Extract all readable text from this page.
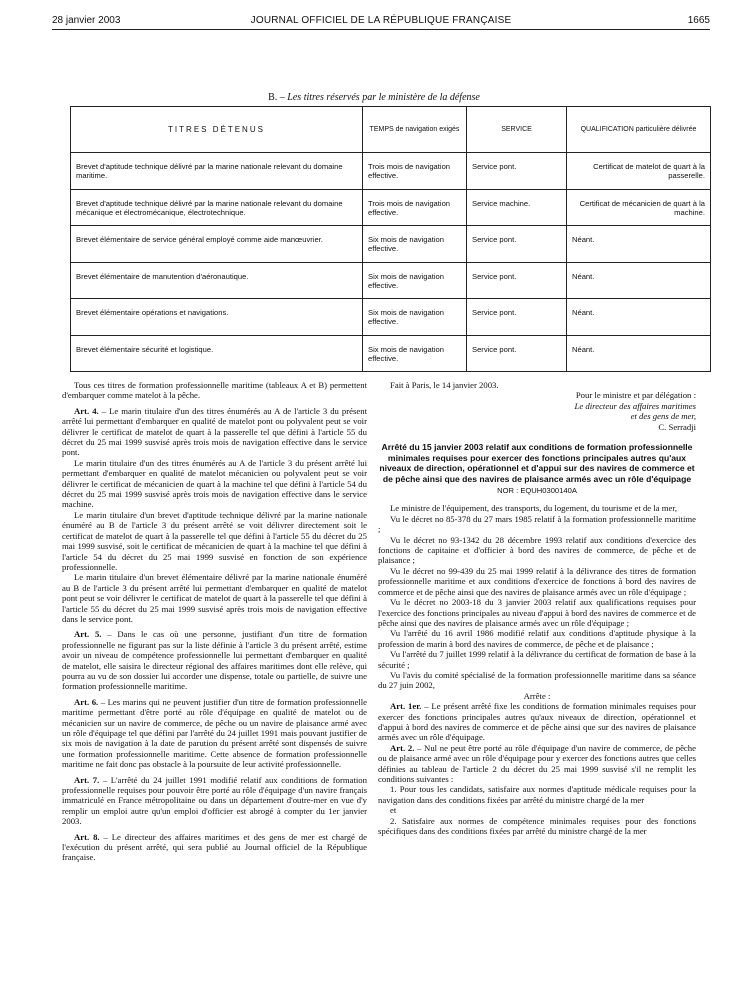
28 janvier 2003	JOURNAL OFFICIEL DE LA RÉPUBLIQUE FRANÇAISE	1665
B. – Les titres réservés par le ministère de la défense
TITRES DÉTENUS	TEMPS de navigation exigés	SERVICE	QUALIFICATION particulière délivrée
Brevet d'aptitude technique délivré par la marine nationale relevant du domaine maritime.	Trois mois de navigation effective.	Service pont.	Certificat de matelot de quart à la passerelle.
Brevet d'aptitude technique délivré par la marine nationale relevant du domaine mécanique et électromécanique, électrotechnique.	Trois mois de navigation effective.	Service machine.	Certificat de mécanicien de quart à la machine.
Brevet élémentaire de service général employé comme aide manœuvrier.	Six mois de navigation effective.	Service pont.	Néant.
Brevet élémentaire de manutention d'aéronautique.	Six mois de navigation effective.	Service pont.	Néant.
Brevet élémentaire opérations et navigations.	Six mois de navigation effective.	Service pont.	Néant.
Brevet élémentaire sécurité et logistique.	Six mois de navigation effective.	Service pont.	Néant.

Tous ces titres de formation professionnelle maritime (tableaux A et B) permettent d'embarquer comme matelot à la pêche.

Art. 4. – Le marin titulaire d'un des titres énumérés au A de l'article 3 du présent arrêté lui permettant d'embarquer en qualité de matelot pont ou polyvalent peut se voir délivrer le certificat de matelot de quart à la passerelle tel que défini à l'article 55 du décret du 25 mai 1999 susvisé après trois mois de navigation effective dans le service pont.

Le marin titulaire d'un des titres énumérés au A de l'article 3 du présent arrêté lui permettant d'embarquer en qualité de matelot mécanicien ou polyvalent peut se voir délivrer le certificat de mécanicien de quart à la machine tel que défini à l'article 54 du décret du 25 mai 1999 susvisé après trois mois de navigation effective dans le service machine.

Le marin titulaire d'un brevet d'aptitude technique délivré par la marine nationale énuméré au B de l'article 3 du présent arrêté se voit délivrer directement soit le certificat de matelot de quart à la passerelle tel que défini à l'article 55 du décret du 25 mai 1999 susvisé, soit le certificat de mécanicien de quart à la machine tel que défini à l'article 54 du décret du 25 mai 1999 susvisé en fonction de son expérience professionnelle.

Le marin titulaire d'un brevet élémentaire délivré par la marine nationale énuméré au B de l'article 3 du présent arrêté lui permettant d'embarquer en qualité de matelot pont peut se voir délivrer le certificat de matelot de quart à la passerelle tel que défini à l'article 55 du décret du 25 mai 1999 susvisé après trois mois de navigation effective dans le service pont.

Art. 5. – Dans le cas où une personne, justifiant d'un titre de formation professionnelle ne figurant pas sur la liste définie à l'article 3 du présent arrêté, estime avoir un niveau de compétence professionnelle lui permettant d'embarquer en qualité de matelot, elle saisira le directeur régional des affaires maritimes dont elle relève, qui pourra au vu de son dossier lui accorder une dispense, totale ou partielle, de suivre une formation professionnelle maritime.

Art. 6. – Les marins qui ne peuvent justifier d'un titre de formation professionnelle maritime permettant d'être porté au rôle d'équipage en qualité de matelot ou de mécanicien sur un navire de commerce, de pêche ou un navire de plaisance armé avec un rôle d'équipage tel que défini par l'arrêté du 24 juillet 1991 mais pouvant justifier de six mois de navigation à la date de parution du présent arrêté sont dispensés de suivre une formation professionnelle maritime. Cette absence de formation professionnelle maritime ne fait donc pas obstacle à la poursuite de leur activité professionnelle.

Art. 7. – L'arrêté du 24 juillet 1991 modifié relatif aux conditions de formation professionnelle requises pour pouvoir être porté au rôle d'équipage d'un navire français immatriculé en France métropolitaine ou dans un département d'outre-mer en vue d'y remplir un emploi autre qu'un emploi d'officier est abrogé à compter du 1er janvier 2003.

Art. 8. – Le directeur des affaires maritimes et des gens de mer est chargé de l'exécution du présent arrêté, qui sera publié au Journal officiel de la République française.

Fait à Paris, le 14 janvier 2003.

Pour le ministre et par délégation :

Le directeur des affaires maritimes

et des gens de mer,

C. Serradji

Arrêté du 15 janvier 2003 relatif aux conditions de formation professionnelle minimales requises pour exercer des fonctions principales autres qu'aux niveaux de direction, opérationnel et d'appui sur des navires de commerce et de pêche ainsi que des navires de plaisance armés avec un rôle d'équipage
NOR : EQUH0300140A

Le ministre de l'équipement, des transports, du logement, du tourisme et de la mer,

Vu le décret no 85-378 du 27 mars 1985 relatif à la formation professionnelle maritime ;

Vu le décret no 93-1342 du 28 décembre 1993 relatif aux conditions d'exercice des fonctions de capitaine et d'officier à bord des navires de commerce, de pêche et de plaisance ;

Vu le décret no 99-439 du 25 mai 1999 relatif à la délivrance des titres de formation professionnelle maritime et aux conditions d'exercice de fonctions à bord des navires de commerce et de pêche ainsi que des navires de plaisance armés avec un rôle d'équipage ;

Vu le décret no 2003-18 du 3 janvier 2003 relatif aux qualifications requises pour l'exercice des fonctions principales au niveau d'appui à bord des navires de commerce et de pêche ainsi que des navires de plaisance armés avec un rôle d'équipage ;

Vu l'arrêté du 16 avril 1986 modifié relatif aux conditions d'aptitude physique à la profession de marin à bord des navires de commerce, de pêche et de plaisance ;

Vu l'arrêté du 7 juillet 1999 relatif à la délivrance du certificat de formation de base à la sécurité ;

Vu l'avis du comité spécialisé de la formation professionnelle maritime dans sa séance du 27 juin 2002,

Arrête :

Art. 1er. – Le présent arrêté fixe les conditions de formation minimales requises pour exercer des fonctions principales autres qu'aux niveaux de direction, opérationnel et d'appui à bord des navires de commerce et de pêche ainsi que sur des navires de plaisance armés avec un rôle d'équipage.

Art. 2. – Nul ne peut être porté au rôle d'équipage d'un navire de commerce, de pêche ou de plaisance armé avec un rôle d'équipage pour y exercer des fonctions autres que celles définies au tableau de l'article 2 du décret du 25 mai 1999 susvisé s'il ne remplit les conditions suivantes :

1. Pour tous les candidats, satisfaire aux normes d'aptitude médicale requises pour la navigation dans des conditions fixées par arrêté du ministre chargé de la mer

et

2. Satisfaire aux normes de compétence minimales requises pour des fonctions spécifiques dans des conditions fixées par arrêté du ministre chargé de la mer
